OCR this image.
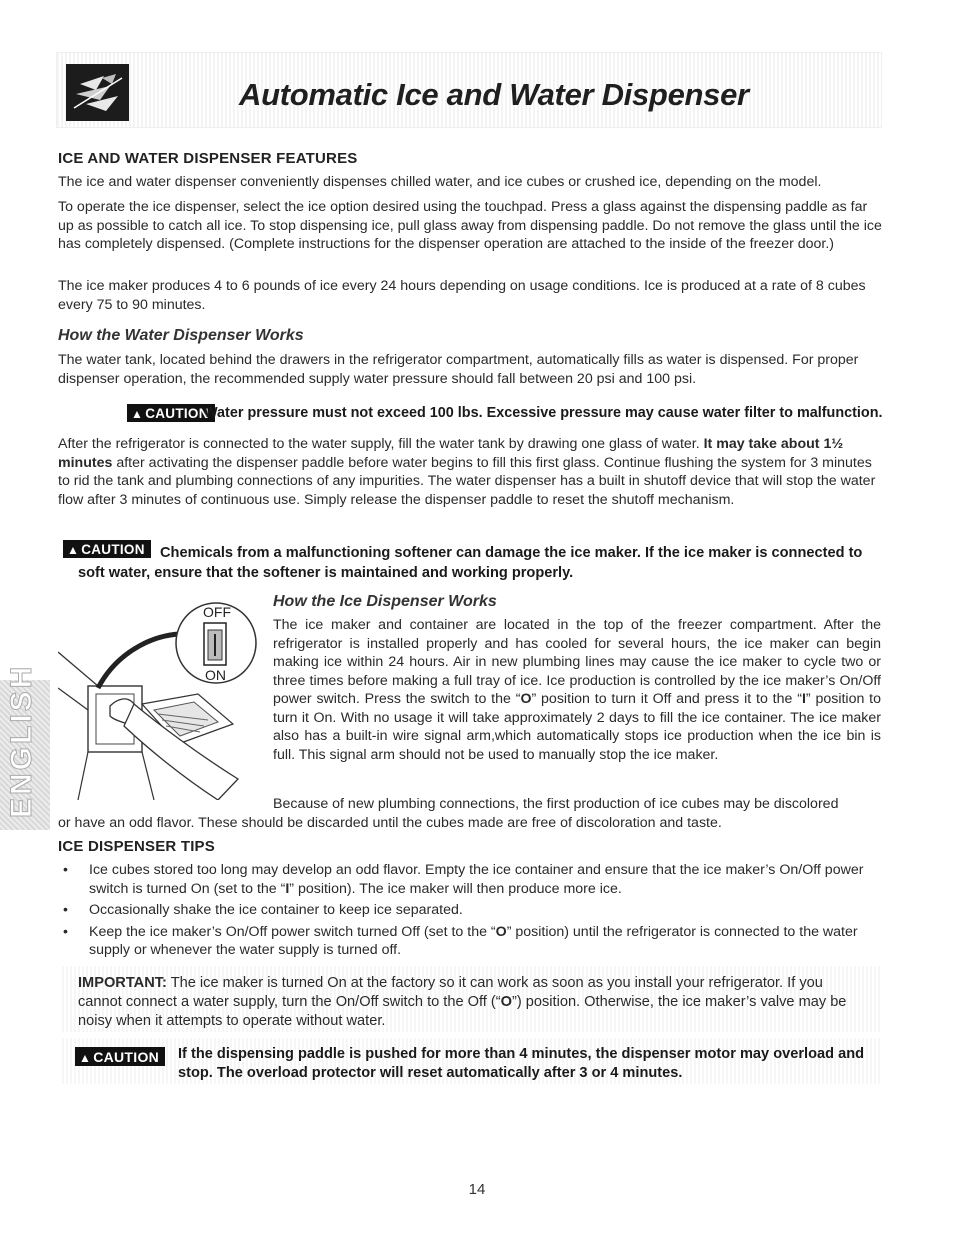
Automatic Ice and Water Dispenser
ICE AND WATER DISPENSER FEATURES

The ice and water dispenser conveniently dispenses chilled water, and ice cubes or crushed ice, depending on the model.

To operate the ice dispenser, select the ice option desired using the touchpad. Press a glass against the dispensing paddle as far up as possible to catch all ice. To stop dispensing ice, pull glass away from dispensing paddle. Do not remove the glass until the ice has completely dispensed. (Complete instructions for the dispenser operation are attached to the inside of the freezer door.)

The ice maker produces 4 to 6 pounds of ice every 24 hours depending on usage conditions. Ice is produced at a rate of 8 cubes every 75 to 90 minutes.

How the Water Dispenser Works

The water tank, located behind the drawers in the refrigerator compartment, automatically fills as water is dispensed. For proper dispenser operation, the recommended supply water pressure should fall between 20 psi and 100 psi.

▲ CAUTION

Water pressure must not exceed 100 lbs. Excessive pressure may cause water filter to malfunction.

After the refrigerator is connected to the water supply, fill the water tank by drawing one glass of water. It may take about 1½ minutes after activating the dispenser paddle before water begins to fill this first glass. Continue flushing the system for 3 minutes to rid the tank and plumbing connections of any impurities. The water dispenser has a built in shutoff device that will stop the water flow after 3 minutes of continuous use. Simply release the dispenser paddle to reset the shutoff mechanism.

▲ CAUTION	Chemicals from a malfunctioning softener can damage the ice maker. If the ice maker is connected to soft water, ensure that the softener is maintained and working properly.

OFF
ON
How the Ice Dispenser Works

The ice maker and container are located in the top of the freezer compartment. After the refrigerator is installed properly and has cooled for several hours, the ice maker can begin making ice within 24 hours. Air in new plumbing lines may cause the ice maker to cycle two or three times before making a full tray of ice. Ice production is controlled by the ice maker’s On/Off power switch. Press the switch to the “O” position to turn it Off and press it to the “I” position to turn it On. With no usage it will take approximately 2 days to fill the ice container. The ice maker also has a built-in wire signal arm,which automatically stops ice production when the ice bin is full. This signal arm should not be used to manually stop the ice maker.

Because of new plumbing connections, the first production of ice cubes may be discolored

or have an odd flavor. These should be discarded until the cubes made are free of discoloration and taste.

ENGLISH
ICE DISPENSER TIPS
• Ice cubes stored too long may develop an odd flavor. Empty the ice container and ensure that the ice maker’s On/Off power switch is turned On (set to the “I” position). The ice maker will then produce more ice.
• Occasionally shake the ice container to keep ice separated.
• Keep the ice maker’s On/Off power switch turned Off (set to the “O” position) until the refrigerator is connected to the water supply or whenever the water supply is turned off.

IMPORTANT: The ice maker is turned On at the factory so it can work as soon as you install your refrigerator. If you cannot connect a water supply, turn the On/Off switch to the Off (“O”) position. Otherwise, the ice maker’s valve may be noisy when it attempts to operate without water.

▲ CAUTION	If the dispensing paddle is pushed for more than 4 minutes, the dispenser motor may overload and stop. The overload protector will reset automatically after 3 or 4 minutes.

14
